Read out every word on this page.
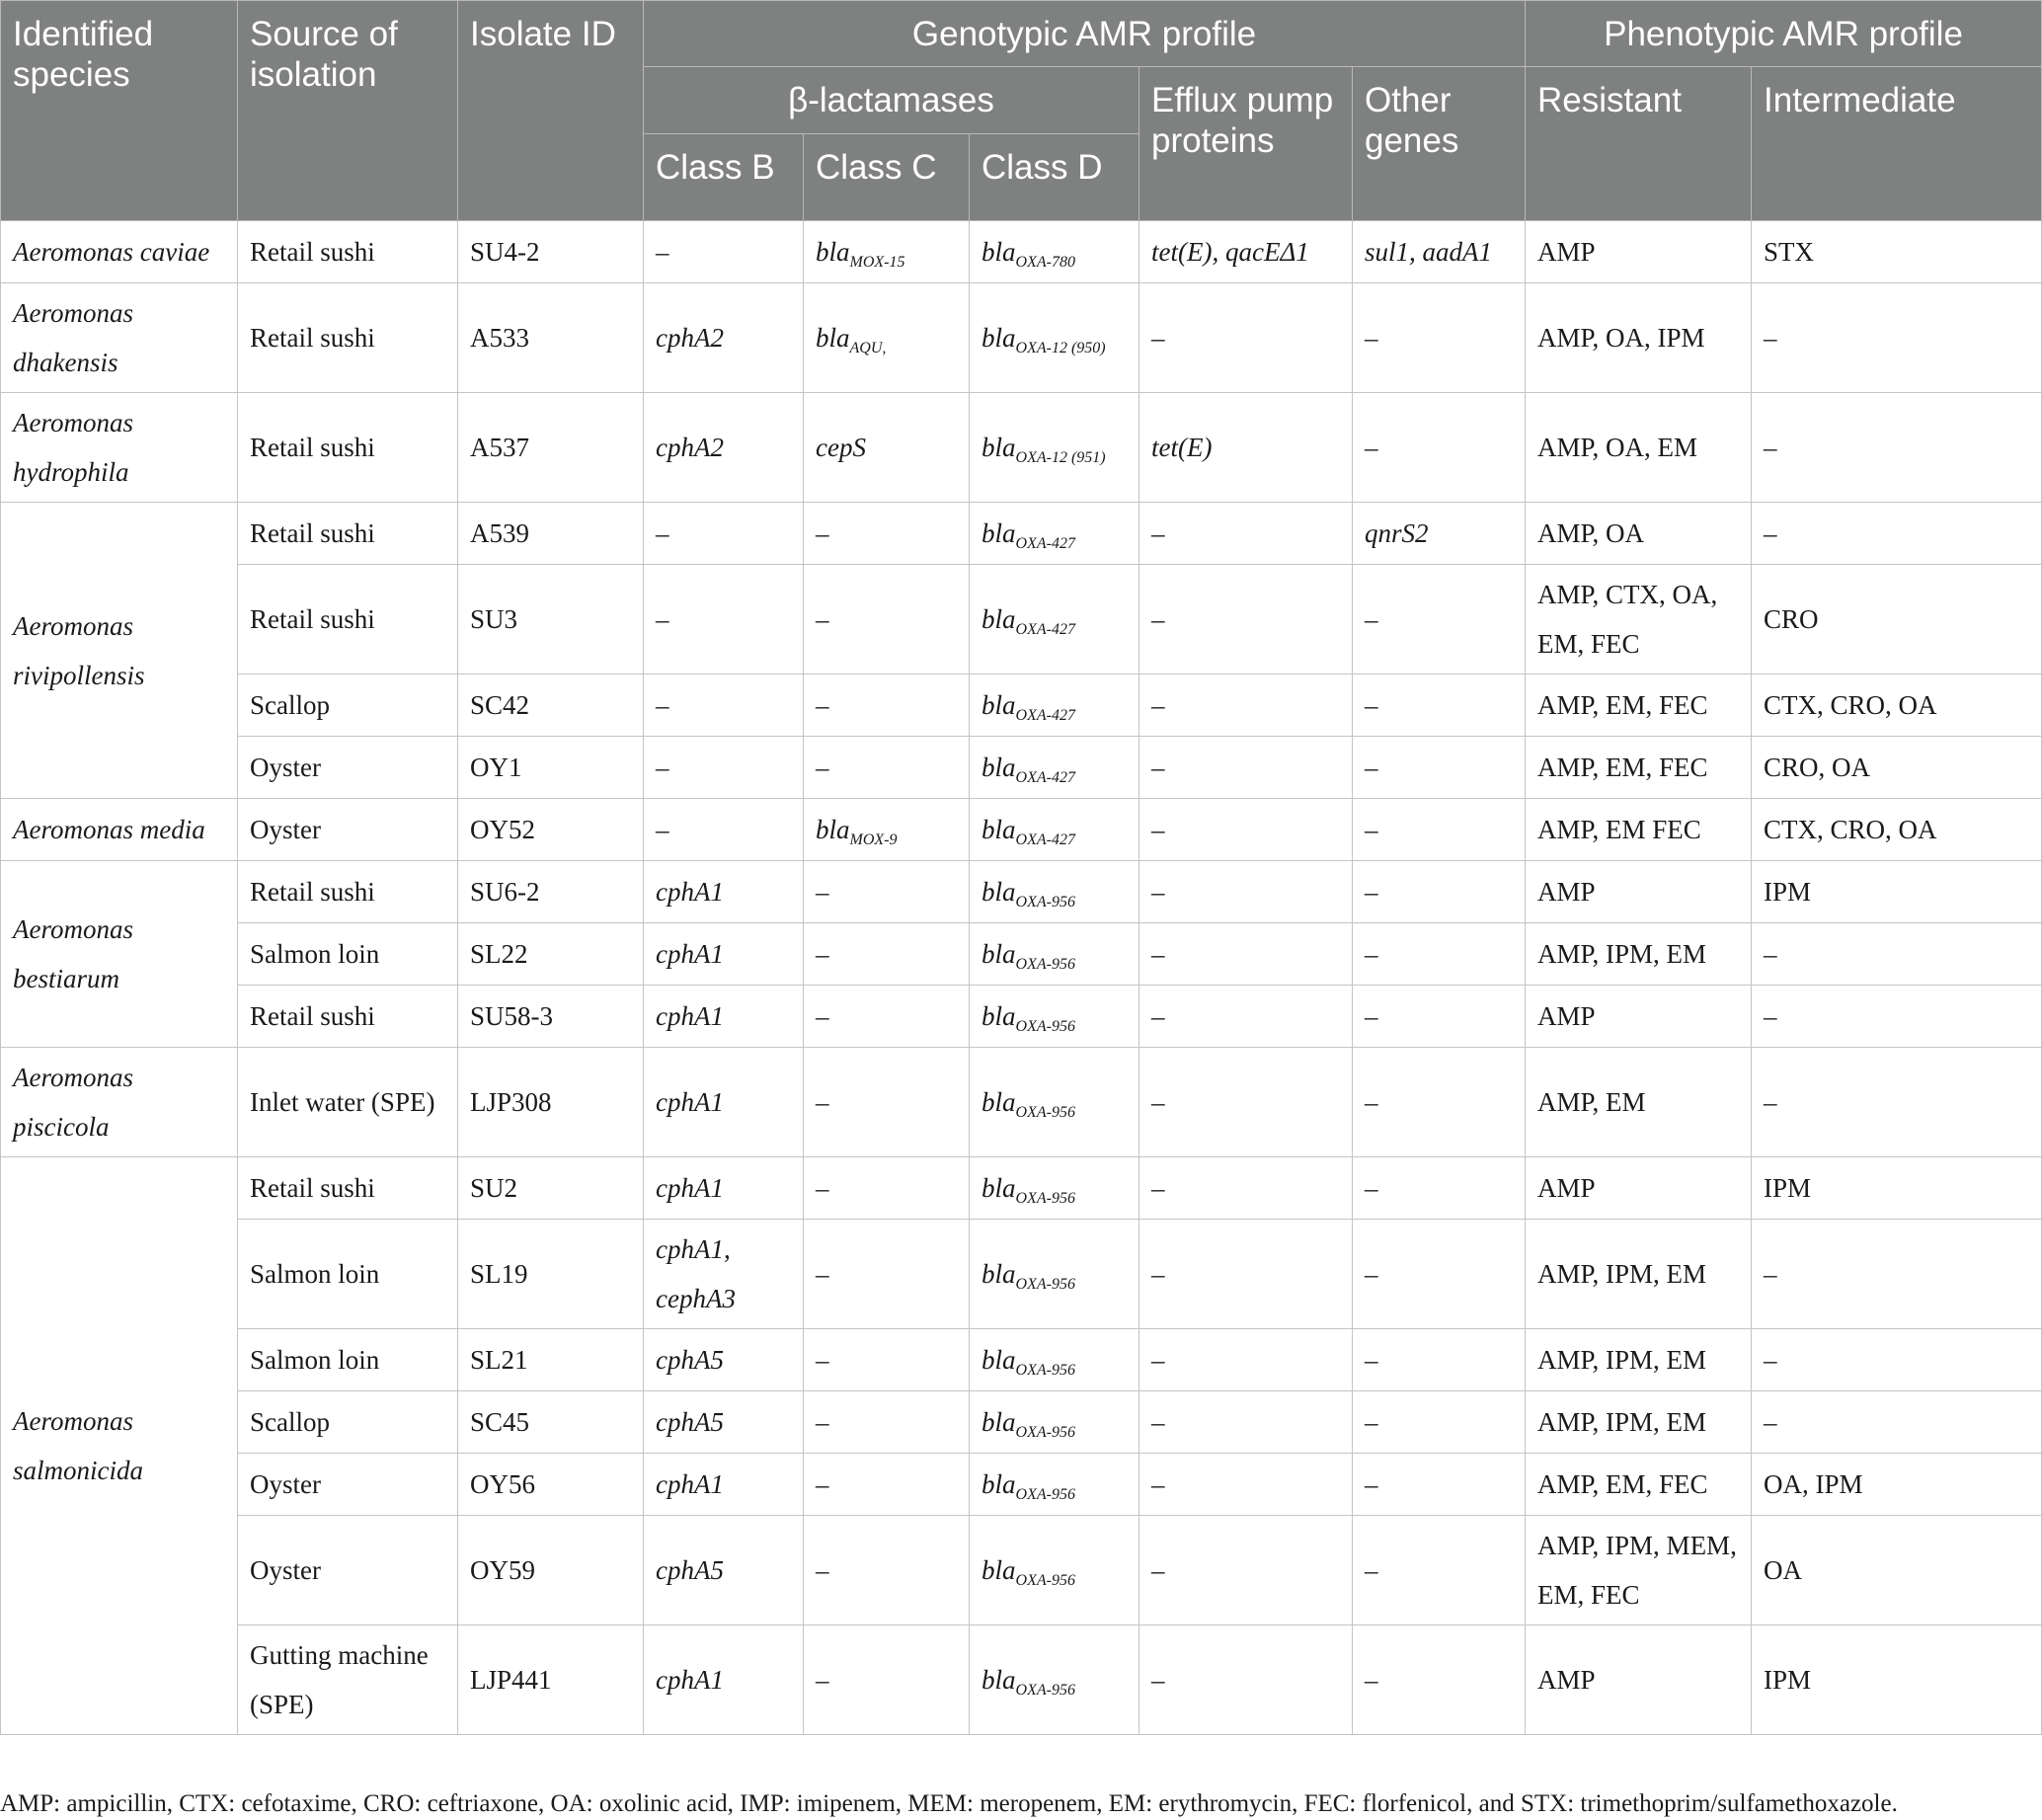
Identified species	Source of isolation	Isolate ID	Genotypic AMR profile					Phenotypic AMR profile	
			β-lactamases			Efflux pump proteins	Other genes	Resistant	Intermediate
			Class B	Class C	Class D				
Aeromonas caviae	Retail sushi	SU4-2	–	bla$_{MOX-15}$	bla$_{OXA-780}$	tet(E), qacEΔ1	sul1, aadA1	AMP	STX
Aeromonas dhakensis	Retail sushi	A533	cphA2	bla$_{AQU,}$	bla$_{OXA-12 (950)}$	–	–	AMP, OA, IPM	–
Aeromonas hydrophila	Retail sushi	A537	cphA2	cepS	bla$_{OXA-12 (951)}$	tet(E)	–	AMP, OA, EM	–
Aeromonas rivipollensis	Retail sushi	A539	–	–	bla$_{OXA-427}$	–	qnrS2	AMP, OA	–
	Retail sushi	SU3	–	–	bla$_{OXA-427}$	–	–	AMP, CTX, OA, EM, FEC	CRO
	Scallop	SC42	–	–	bla$_{OXA-427}$	–	–	AMP, EM, FEC	CTX, CRO, OA
	Oyster	OY1	–	–	bla$_{OXA-427}$	–	–	AMP, EM, FEC	CRO, OA
Aeromonas media	Oyster	OY52	–	bla$_{MOX-9}$	bla$_{OXA-427}$	–	–	AMP, EM FEC	CTX, CRO, OA
Aeromonas bestiarum	Retail sushi	SU6-2	cphA1	–	bla$_{OXA-956}$	–	–	AMP	IPM
	Salmon loin	SL22	cphA1	–	bla$_{OXA-956}$	–	–	AMP, IPM, EM	–
	Retail sushi	SU58-3	cphA1	–	bla$_{OXA-956}$	–	–	AMP	–
Aeromonas piscicola	Inlet water (SPE)	LJP308	cphA1	–	bla$_{OXA-956}$	–	–	AMP, EM	–
Aeromonas salmonicida	Retail sushi	SU2	cphA1	–	bla$_{OXA-956}$	–	–	AMP	IPM
	Salmon loin	SL19	cphA1, cephA3	–	bla$_{OXA-956}$	–	–	AMP, IPM, EM	–
	Salmon loin	SL21	cphA5	–	bla$_{OXA-956}$	–	–	AMP, IPM, EM	–
	Scallop	SC45	cphA5	–	bla$_{OXA-956}$	–	–	AMP, IPM, EM	–
	Oyster	OY56	cphA1	–	bla$_{OXA-956}$	–	–	AMP, EM, FEC	OA, IPM
	Oyster	OY59	cphA5	–	bla$_{OXA-956}$	–	–	AMP, IPM, MEM, EM, FEC	OA
	Gutting machine (SPE)	LJP441	cphA1	–	bla$_{OXA-956}$	–	–	AMP	IPM
AMP: ampicillin, CTX: cefotaxime, CRO: ceftriaxone, OA: oxolinic acid, IMP: imipenem, MEM: meropenem, EM: erythromycin, FEC: florfenicol, and STX: trimethoprim/sulfamethoxazole.
